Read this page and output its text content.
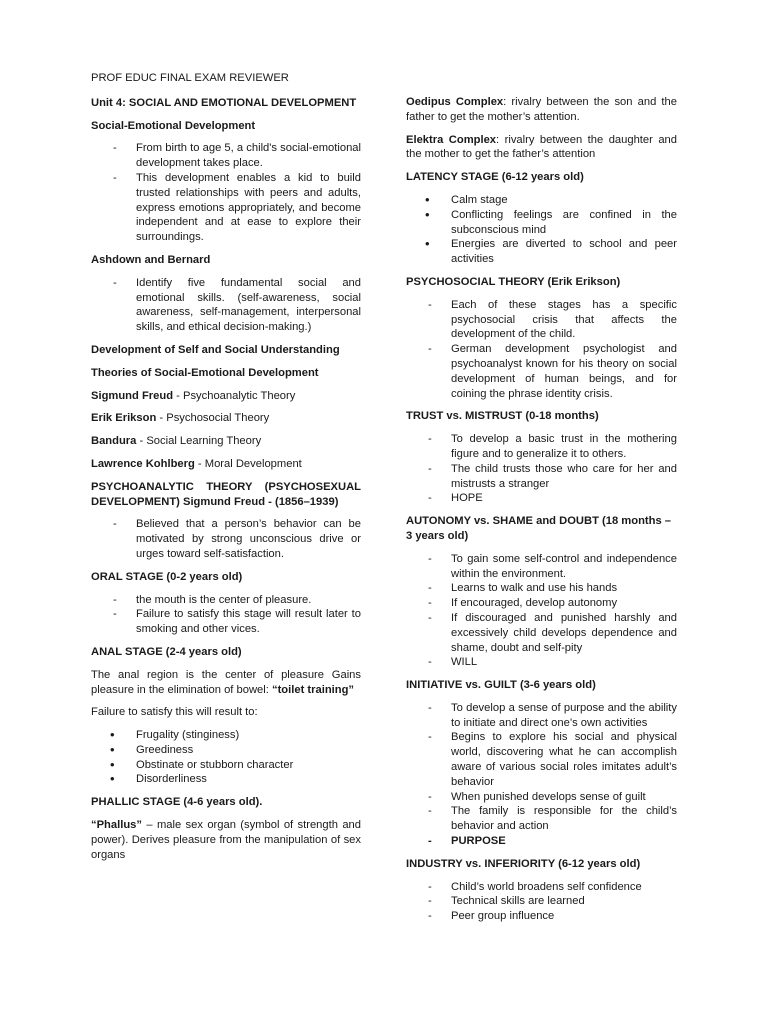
PROF EDUC FINAL EXAM REVIEWER
Unit 4: SOCIAL AND EMOTIONAL DEVELOPMENT
Social-Emotional Development
- From birth to age 5, a child's social-emotional development takes place.
- This development enables a kid to build trusted relationships with peers and adults, express emotions appropriately, and become independent and at ease to explore their surroundings.
Ashdown and Bernard
- Identify five fundamental social and emotional skills. (self-awareness, social awareness, self-management, interpersonal skills, and ethical decision-making.)
Development of Self and Social Understanding
Theories of Social-Emotional Development
Sigmund Freud - Psychoanalytic Theory
Erik Erikson - Psychosocial Theory
Bandura - Social Learning Theory
Lawrence Kohlberg - Moral Development
PSYCHOANALYTIC THEORY (PSYCHOSEXUAL DEVELOPMENT) Sigmund Freud - (1856–1939)
- Believed that a person’s behavior can be motivated by strong unconscious drive or urges toward self-satisfaction.
ORAL STAGE (0-2 years old)
- the mouth is the center of pleasure.
- Failure to satisfy this stage will result later to smoking and other vices.
ANAL STAGE (2-4 years old)
The anal region is the center of pleasure Gains pleasure in the elimination of bowel: “toilet training”
Failure to satisfy this will result to:
• Frugality (stinginess)
• Greediness
• Obstinate or stubborn character
• Disorderliness
PHALLIC STAGE (4-6 years old).
“Phallus” – male sex organ (symbol of strength and power). Derives pleasure from the manipulation of sex organs
Oedipus Complex: rivalry between the son and the father to get the mother’s attention.
Elektra Complex: rivalry between the daughter and the mother to get the father’s attention
LATENCY STAGE (6-12 years old)
• Calm stage
• Conflicting feelings are confined in the subconscious mind
• Energies are diverted to school and peer activities
PSYCHOSOCIAL THEORY (Erik Erikson)
- Each of these stages has a specific psychosocial crisis that affects the development of the child.
- German development psychologist and psychoanalyst known for his theory on social development of human beings, and for coining the phrase identity crisis.
TRUST vs. MISTRUST (0-18 months)
- To develop a basic trust in the mothering figure and to generalize it to others.
- The child trusts those who care for her and mistrusts a stranger
- HOPE
AUTONOMY vs. SHAME and DOUBT (18 months – 3 years old)
- To gain some self-control and independence within the environment.
- Learns to walk and use his hands
- If encouraged, develop autonomy
- If discouraged and punished harshly and excessively child develops dependence and shame, doubt and self-pity
- WILL
INITIATIVE vs. GUILT (3-6 years old)
- To develop a sense of purpose and the ability to initiate and direct one’s own activities
- Begins to explore his social and physical world, discovering what he can accomplish aware of various social roles imitates adult’s behavior
- When punished develops sense of guilt
- The family is responsible for the child’s behavior and action
- PURPOSE
INDUSTRY vs. INFERIORITY (6-12 years old)
- Child’s world broadens self confidence
- Technical skills are learned
- Peer group influence
